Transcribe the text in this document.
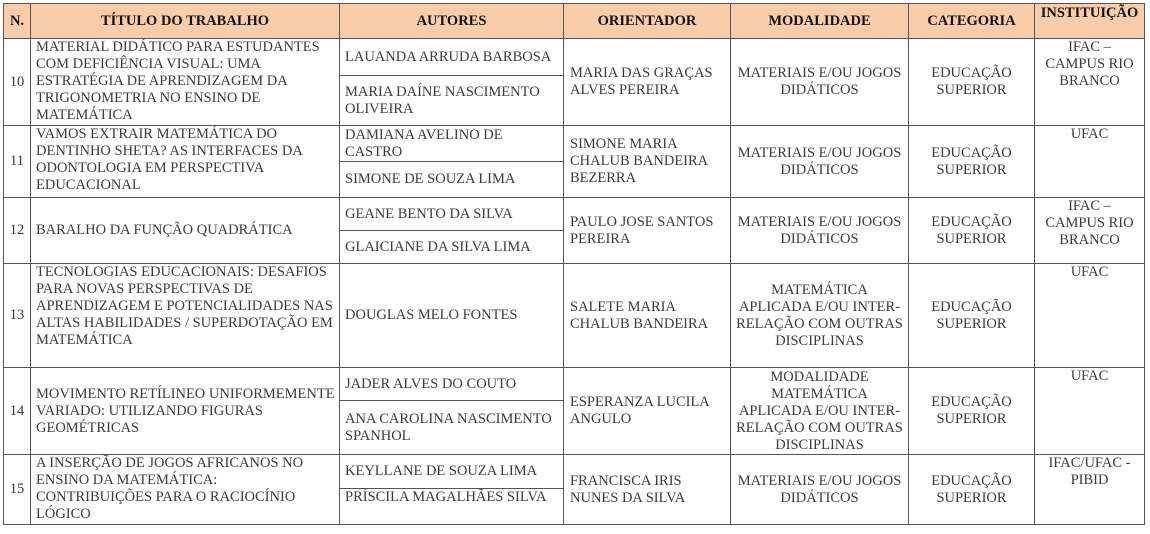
N.	TÍTULO DO TRABALHO	AUTORES	ORIENTADOR	MODALIDADE	CATEGORIA	INSTITUIÇÃO
10	MATERIAL DIDÁTICO PARA ESTUDANTES COM DEFICIÊNCIA VISUAL: UMA ESTRATÉGIA DE APRENDIZAGEM DA TRIGONOMETRIA NO ENSINO DE MATEMÁTICA	LAUANDA ARRUDA BARBOSA	MARIA DAS GRAÇAS ALVES PEREIRA	MATERIAIS E/OU JOGOS DIDÁTICOS	EDUCAÇÃO SUPERIOR	IFAC – CAMPUS RIO BRANCO
		MARIA DAÍNE NASCIMENTO OLIVEIRA				
11	VAMOS EXTRAIR MATEMÁTICA DO DENTINHO SHETA? AS INTERFACES DA ODONTOLOGIA EM PERSPECTIVA EDUCACIONAL	DAMIANA AVELINO DE CASTRO	SIMONE MARIA CHALUB BANDEIRA BEZERRA	MATERIAIS E/OU JOGOS DIDÁTICOS	EDUCAÇÃO SUPERIOR	UFAC
		SIMONE DE SOUZA LIMA				
12	BARALHO DA FUNÇÃO QUADRÁTICA	GEANE BENTO DA SILVA	PAULO JOSE SANTOS PEREIRA	MATERIAIS E/OU JOGOS DIDÁTICOS	EDUCAÇÃO SUPERIOR	IFAC – CAMPUS RIO BRANCO
		GLAICIANE DA SILVA LIMA				
13	TECNOLOGIAS EDUCACIONAIS: DESAFIOS PARA NOVAS PERSPECTIVAS DE APRENDIZAGEM E POTENCIALIDADES NAS ALTAS HABILIDADES / SUPERDOTAÇÃO EM MATEMÁTICA	DOUGLAS MELO FONTES	SALETE MARIA CHALUB BANDEIRA	MATEMÁTICA APLICADA E/OU INTER-RELAÇÃO COM OUTRAS DISCIPLINAS	EDUCAÇÃO SUPERIOR	UFAC
14	MOVIMENTO RETÍLINEO UNIFORMEMENTE VARIADO: UTILIZANDO FIGURAS GEOMÉTRICAS	JADER ALVES DO COUTO	ESPERANZA LUCILA ANGULO	MODALIDADE MATEMÁTICA APLICADA E/OU INTER-RELAÇÃO COM OUTRAS DISCIPLINAS	EDUCAÇÃO SUPERIOR	UFAC
		ANA CAROLINA NASCIMENTO SPANHOL				
15	A INSERÇÃO DE JOGOS AFRICANOS NO ENSINO DA MATEMÁTICA: CONTRIBUIÇÕES PARA O RACIOCÍNIO LÓGICO	KEYLLANE DE SOUZA LIMA	FRANCISCA IRIS NUNES DA SILVA	MATERIAIS E/OU JOGOS DIDÁTICOS	EDUCAÇÃO SUPERIOR	IFAC/UFAC - PIBID
		PRÍSCILA MAGALHÃES SILVA				
